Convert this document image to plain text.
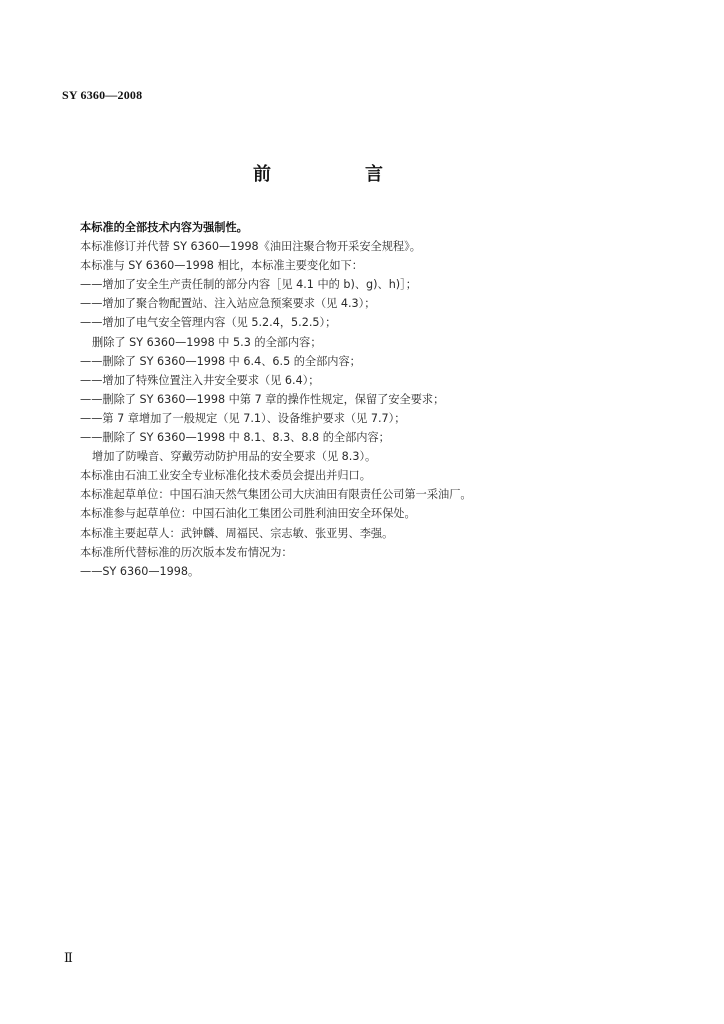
SY 6360—2008
前　言
本标准的全部技术内容为强制性。
本标准修订并代替 SY 6360—1998《油田注聚合物开采安全规程》。
本标准与 SY 6360—1998 相比，本标准主要变化如下：
——增加了安全生产责任制的部分内容［见 4.1 中的 b)、g)、h)］；
——增加了聚合物配置站、注入站应急预案要求（见 4.3）；
——增加了电气安全管理内容（见 5.2.4，5.2.5）；
删除了 SY 6360—1998 中 5.3 的全部内容；
——删除了 SY 6360—1998 中 6.4、6.5 的全部内容；
——增加了特殊位置注入井安全要求（见 6.4）；
——删除了 SY 6360—1998 中第 7 章的操作性规定，保留了安全要求；
——第 7 章增加了一般规定（见 7.1）、设备维护要求（见 7.7）；
——删除了 SY 6360—1998 中 8.1、8.3、8.8 的全部内容；
增加了防噪音、穿戴劳动防护用品的安全要求（见 8.3）。
本标准由石油工业安全专业标准化技术委员会提出并归口。
本标准起草单位：中国石油天然气集团公司大庆油田有限责任公司第一采油厂。
本标准参与起草单位：中国石油化工集团公司胜利油田安全环保处。
本标准主要起草人：武钟麟、周福民、宗志敏、张亚男、李强。
本标准所代替标准的历次版本发布情况为：
——SY 6360—1998。
Ⅱ
